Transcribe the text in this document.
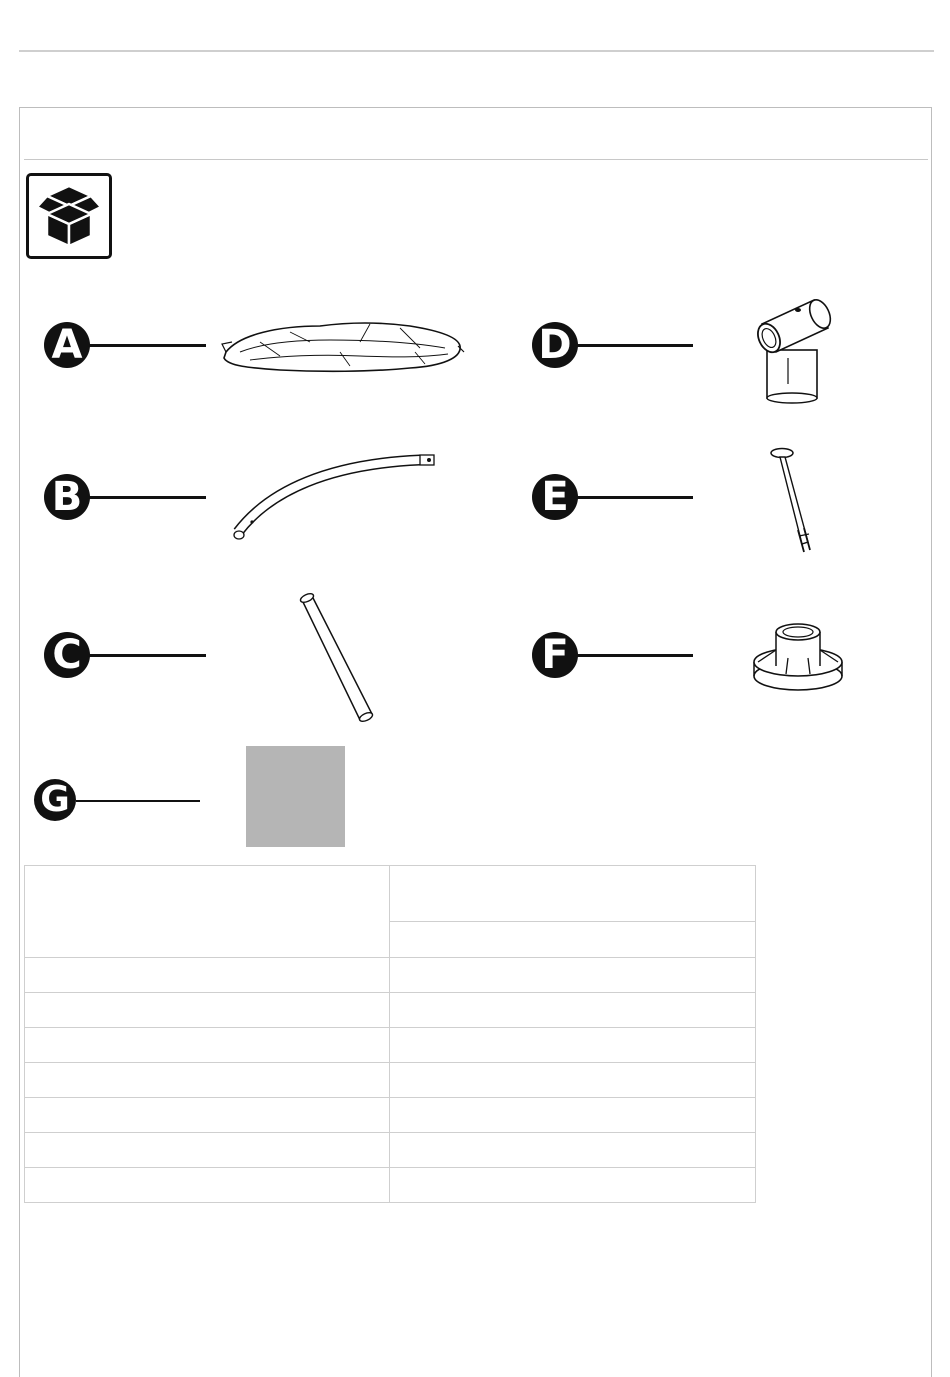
A
B
C
D
E
F
G
